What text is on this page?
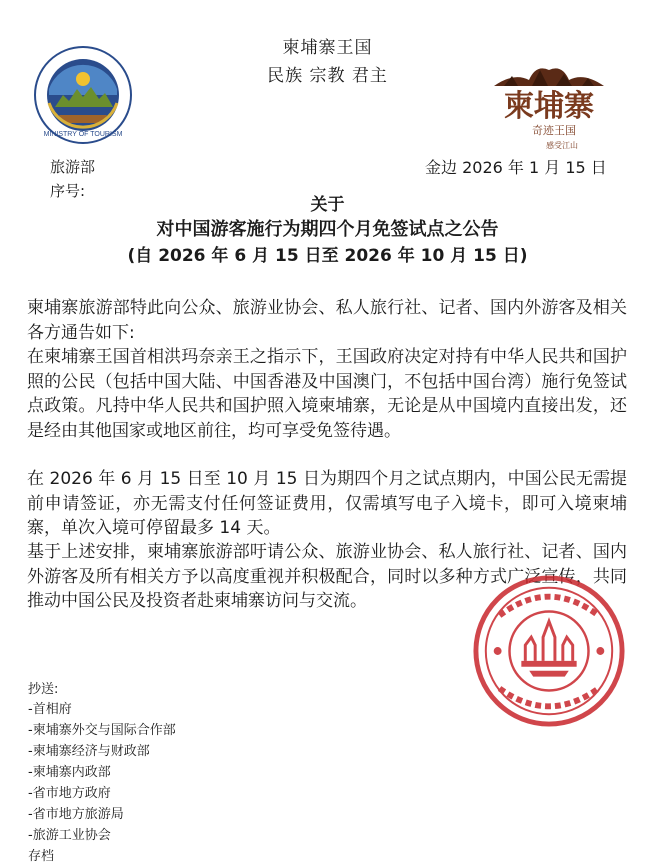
柬埔寨王国
民族 宗教 君主
MINISTRY OF TOURISM
柬埔寨
奇迹王国
感受江山
旅游部
序号:
金边 2026 年 1 月 15 日
关于
对中国游客施行为期四个月免签试点之公告
(自 2026 年 6 月 15 日至 2026 年 10 月 15 日)
柬埔寨旅游部特此向公众、旅游业协会、私人旅行社、记者、国内外游客及相关各方通告如下:
在柬埔寨王国首相洪玛奈亲王之指示下，王国政府决定对持有中华人民共和国护照的公民（包括中国大陆、中国香港及中国澳门，不包括中国台湾）施行免签试点政策。凡持中华人民共和国护照入境柬埔寨，无论是从中国境内直接出发，还是经由其他国家或地区前往，均可享受免签待遇。
在 2026 年 6 月 15 日至 10 月 15 日为期四个月之试点期内，中国公民无需提前申请签证，亦无需支付任何签证费用，仅需填写电子入境卡，即可入境柬埔寨，单次入境可停留最多 14 天。
基于上述安排，柬埔寨旅游部吁请公众、旅游业协会、私人旅行社、记者、国内外游客及所有相关方予以高度重视并积极配合，同时以多种方式广泛宣传，共同推动中国公民及投资者赴柬埔寨访问与交流。
抄送:
-首相府
-柬埔寨外交与国际合作部
-柬埔寨经济与财政部
-柬埔寨内政部
-省市地方政府
-省市地方旅游局
-旅游工业协会
存档
